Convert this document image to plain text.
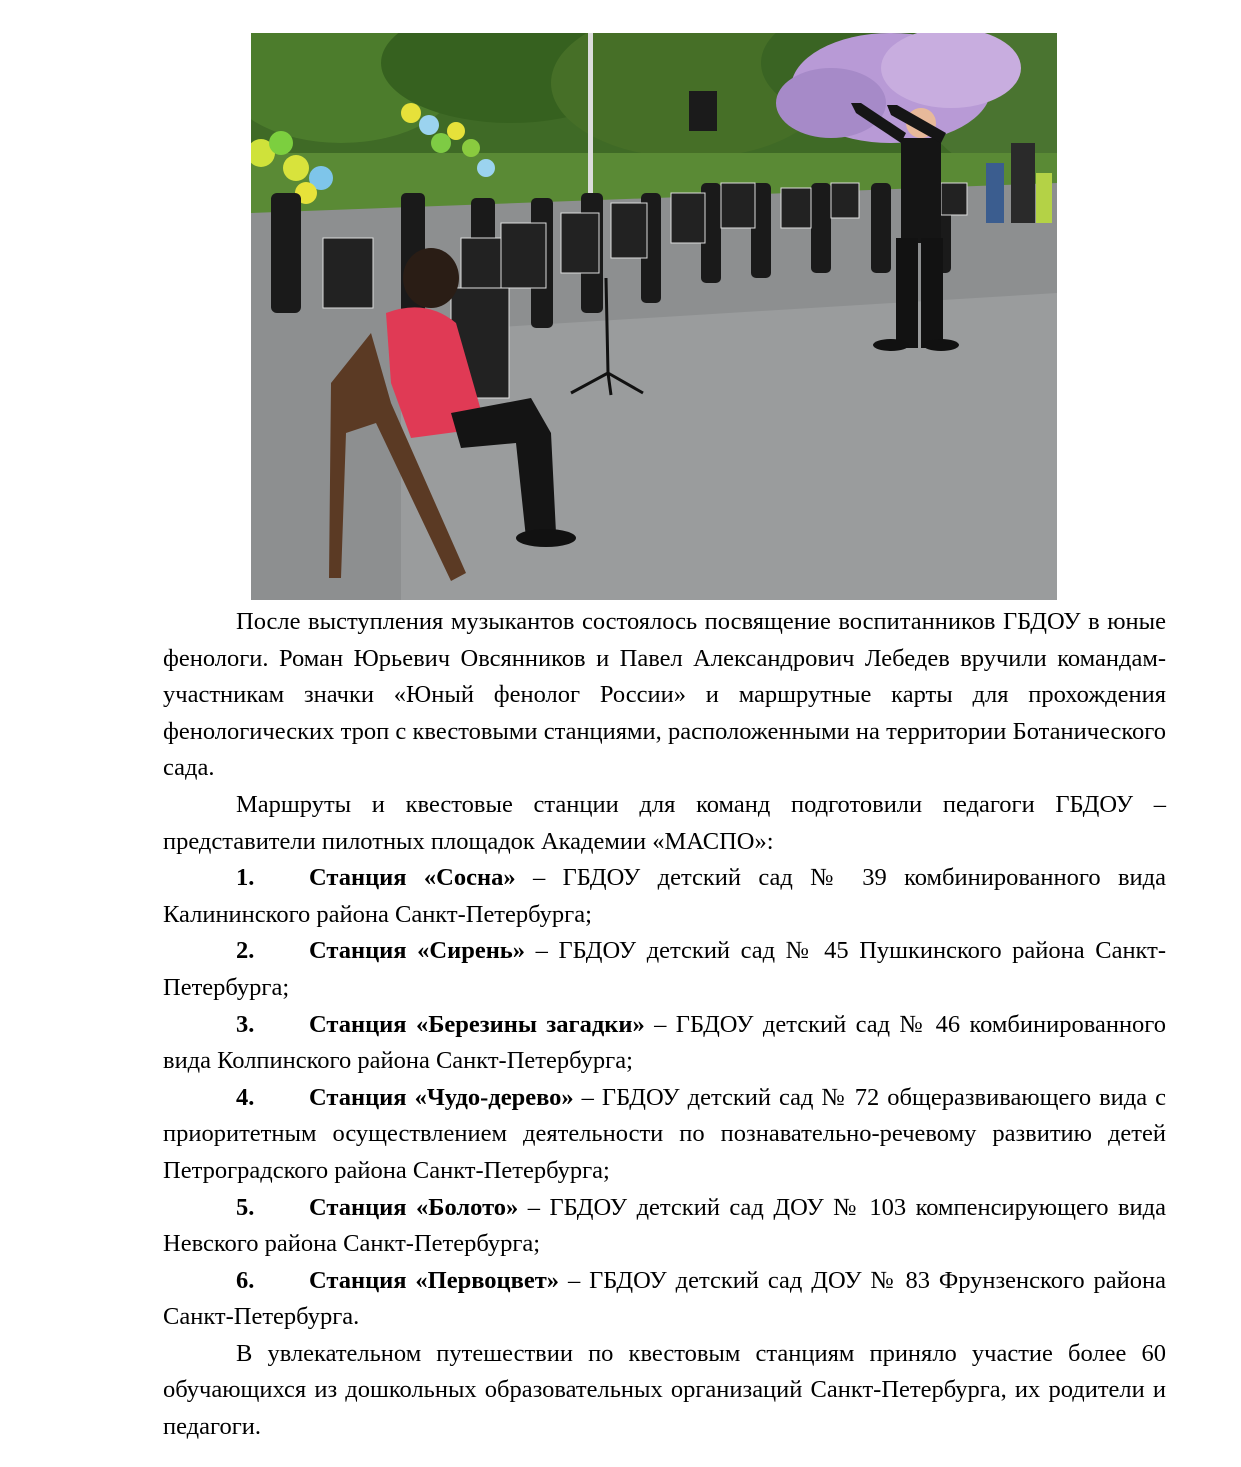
После выступления музыкантов состоялось посвящение воспитанников ГБДОУ в юные фенологи. Роман Юрьевич Овсянников и Павел Александрович Лебедев вручили командам-участникам значки «Юный фенолог России» и маршрутные карты для прохождения фенологических троп с квестовыми станциями, расположенными на территории Ботанического сада.

Маршруты и квестовые станции для команд подготовили педагоги ГБДОУ – представители пилотных площадок Академии «МАСПО»:

1. Станция «Сосна» – ГБДОУ детский сад № 39 комбинированного вида Калининского района Санкт-Петербурга;

2. Станция «Сирень» – ГБДОУ детский сад № 45 Пушкинского района Санкт-Петербурга;

3. Станция «Березины загадки» – ГБДОУ детский сад № 46 комбинированного вида Колпинского района Санкт-Петербурга;

4. Станция «Чудо-дерево» – ГБДОУ детский сад № 72 общеразвивающего вида с приоритетным осуществлением деятельности по познавательно-речевому развитию детей Петроградского района Санкт-Петербурга;

5. Станция «Болото» – ГБДОУ детский сад ДОУ № 103 компенсирующего вида Невского района Санкт-Петербурга;

6. Станция «Первоцвет» – ГБДОУ детский сад ДОУ № 83 Фрунзенского района Санкт-Петербурга.

В увлекательном путешествии по квестовым станциям приняло участие более 60 обучающихся из дошкольных образовательных организаций Санкт-Петербурга, их родители и педагоги.
